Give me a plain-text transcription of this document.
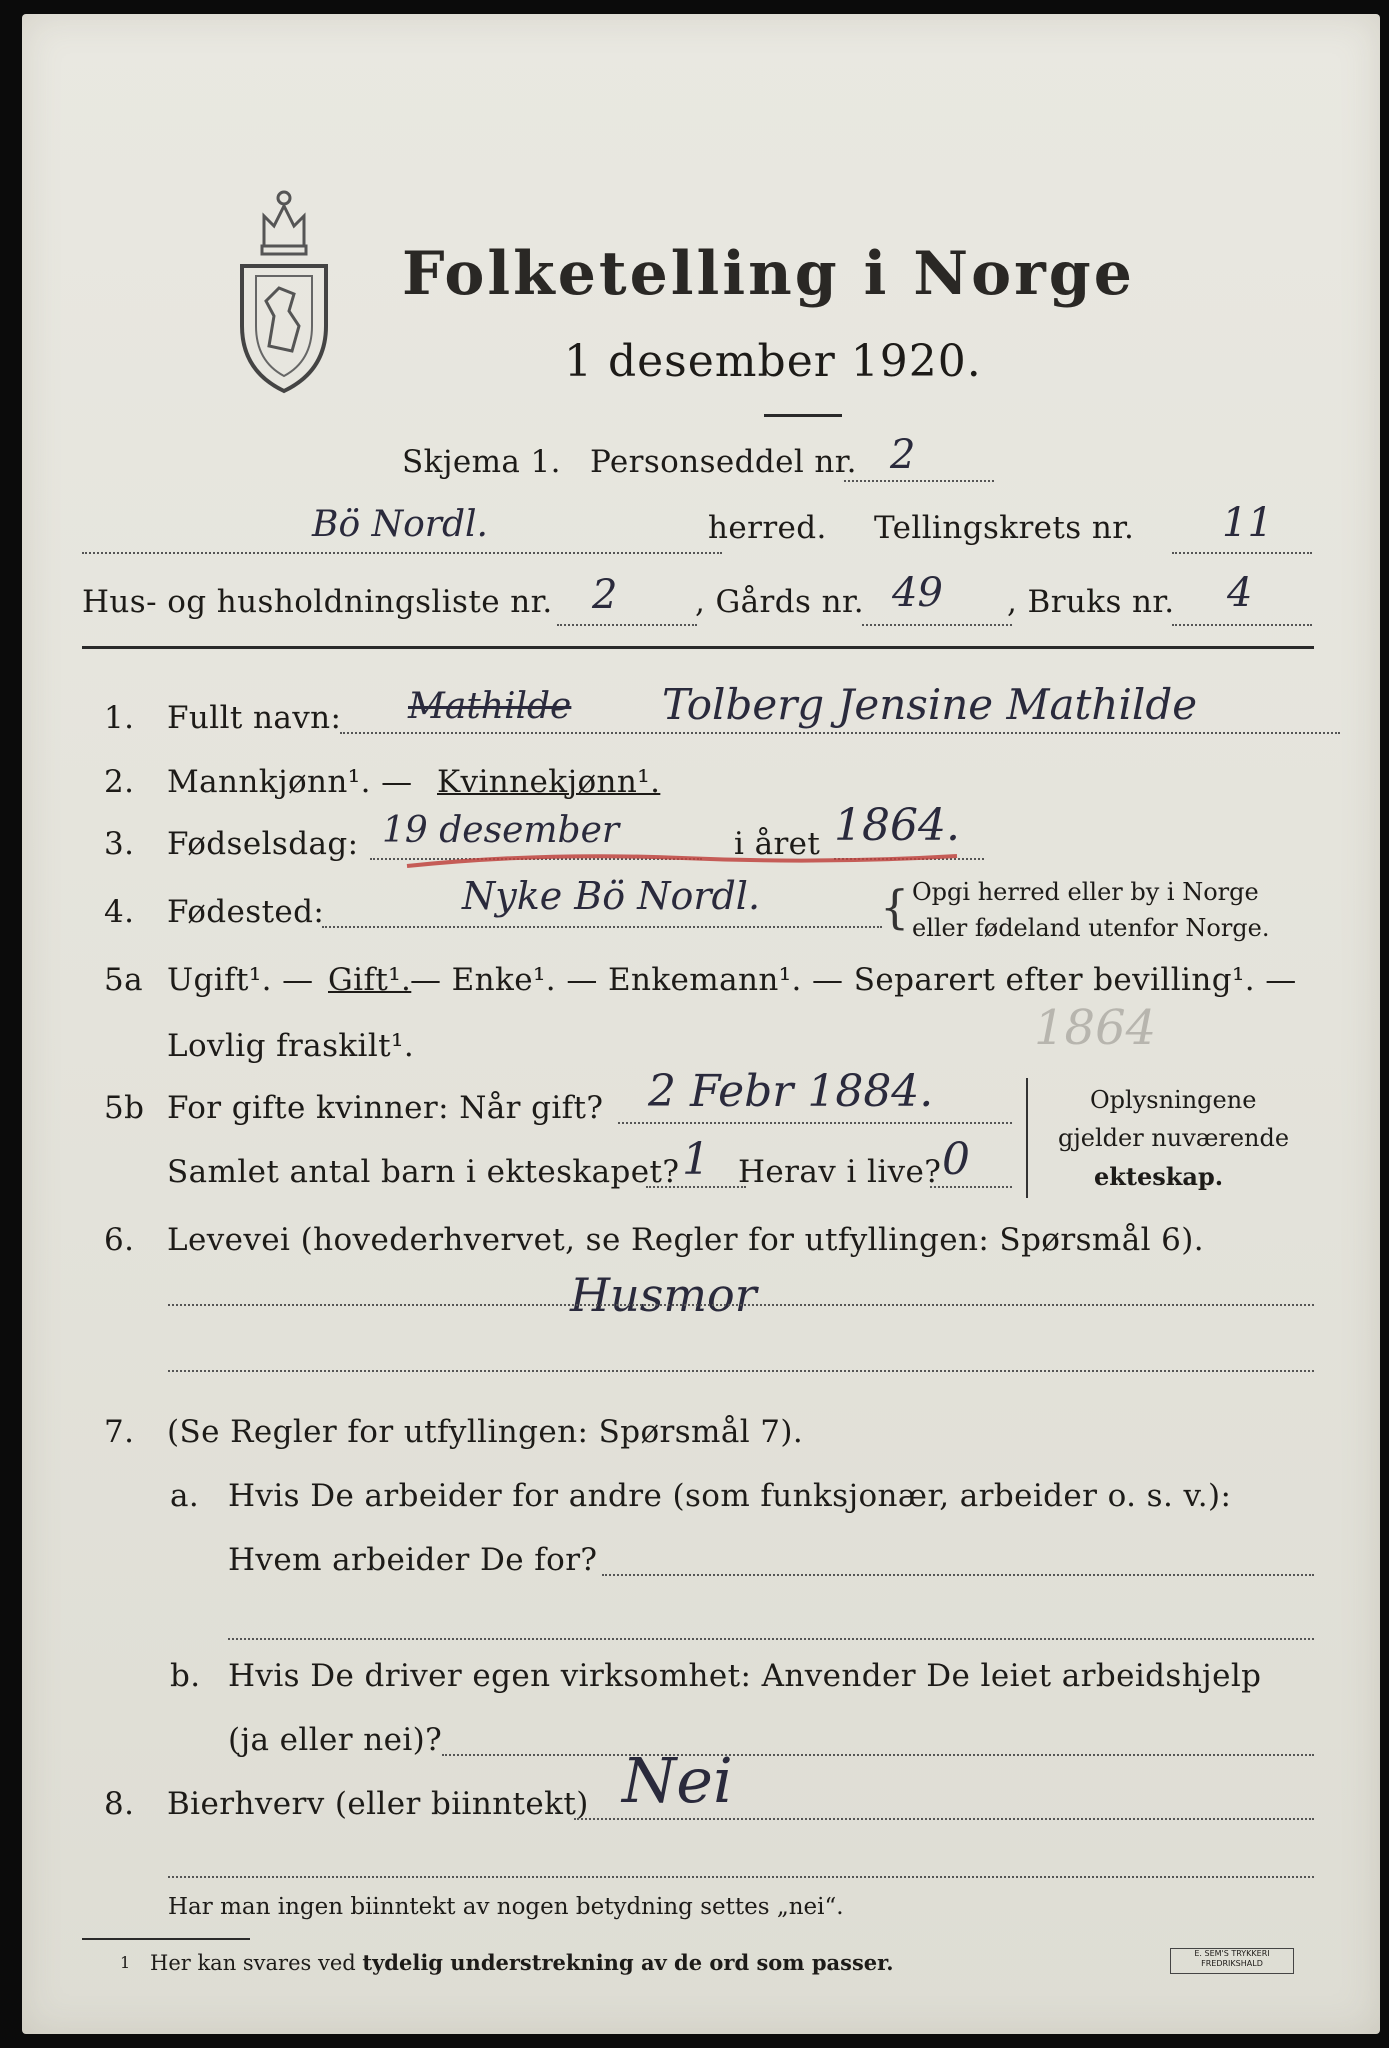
Folketelling i Norge
1 desember 1920.
Skjema 1. Personseddel nr. 2
Bö Nordl.	herred. Tellingskrets nr. 11
Hus- og husholdningsliste nr. 2	, Gårds nr. 49 , Bruks nr. 4
1. Fullt navn: Mathilde Tolberg Jensine Mathilde
2. Mannkjønn¹. — Kvinnekjønn¹.
3. Fødselsdag: 19 desember	i året 1864.
4. Fødested:	Nyke Bö Nordl.	{ Opgi herred eller by i Norge
eller fødeland utenfor Norge.
5a Ugift¹. — Gift¹.
— Enke¹. — Enkemann¹. — Separert efter bevilling¹. —
Lovlig fraskilt¹.	1864
5b For gifte kvinner: Når gift? 2 Febr 1884.
Samlet antal barn i ekteskapet? 1 Herav i live? 0
Oplysningene
gjelder nuværende
ekteskap.
6. Levevei (hovederhvervet, se Regler for utfyllingen: Spørsmål 6).
Husmor
7. (Se Regler for utfyllingen: Spørsmål 7).
a. Hvis De arbeider for andre (som funksjonær, arbeider o. s. v.):
Hvem arbeider De for?
b. Hvis De driver egen virksomhet: Anvender De leiet arbeidshjelp
(ja eller nei)?
8. Bierhverv (eller biinntekt) Nei
Har man ingen biinntekt av nogen betydning settes „nei“.
1 Her kan svares ved tydelig understrekning av de ord som passer.	E. SEM'S TRYKKERI
FREDRIKSHALD
